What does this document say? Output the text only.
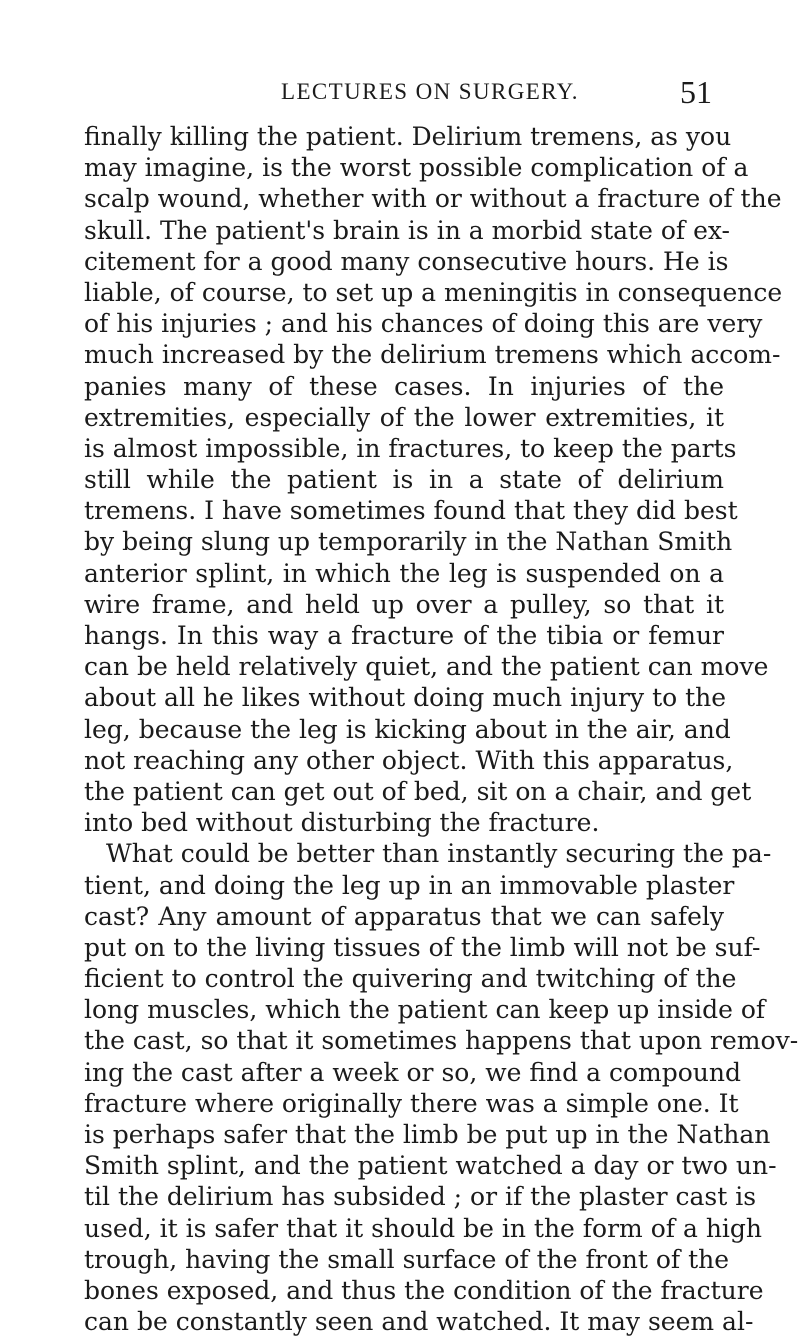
LECTURES ON SURGERY.	51
finally killing the patient. Delirium tremens, as you
may imagine, is the worst possible complication of a
scalp wound, whether with or without a fracture of the
skull. The patient's brain is in a morbid state of ex-
citement for a good many consecutive hours. He is
liable, of course, to set up a meningitis in consequence
of his injuries ; and his chances of doing this are very
much increased by the delirium tremens which accom-
panies many of these cases. In injuries of the
extremities, especially of the lower extremities, it
is almost impossible, in fractures, to keep the parts
still while the patient is in a state of delirium
tremens. I have sometimes found that they did best
by being slung up temporarily in the Nathan Smith
anterior splint, in which the leg is suspended on a
wire frame, and held up over a pulley, so that it
hangs. In this way a fracture of the tibia or femur
can be held relatively quiet, and the patient can move
about all he likes without doing much injury to the
leg, because the leg is kicking about in the air, and
not reaching any other object. With this apparatus,
the patient can get out of bed, sit on a chair, and get
into bed without disturbing the fracture.
What could be better than instantly securing the pa-
tient, and doing the leg up in an immovable plaster
cast? Any amount of apparatus that we can safely
put on to the living tissues of the limb will not be suf-
ficient to control the quivering and twitching of the
long muscles, which the patient can keep up inside of
the cast, so that it sometimes happens that upon remov-
ing the cast after a week or so, we find a compound
fracture where originally there was a simple one. It
is perhaps safer that the limb be put up in the Nathan
Smith splint, and the patient watched a day or two un-
til the delirium has subsided ; or if the plaster cast is
used, it is safer that it should be in the form of a high
trough, having the small surface of the front of the
bones exposed, and thus the condition of the fracture
can be constantly seen and watched. It may seem al-
